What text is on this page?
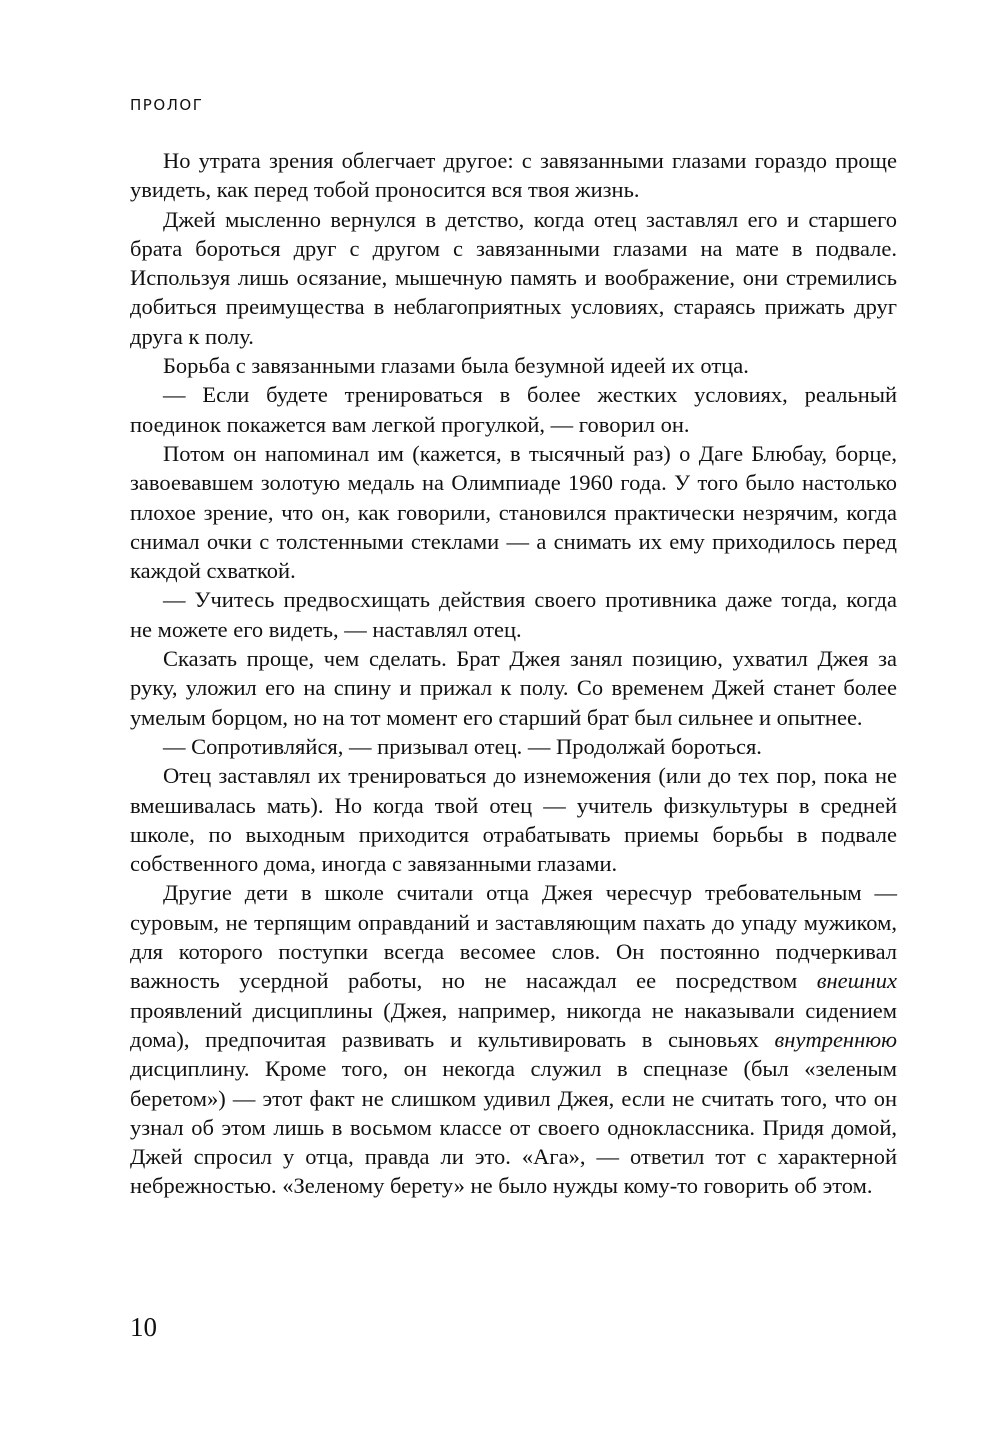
ПРОЛОГ

Но утрата зрения облегчает другое: с завязанными глазами гораздо проще увидеть, как перед тобой проносится вся твоя жизнь.

Джей мысленно вернулся в детство, когда отец заставлял его и старшего брата бороться друг с другом с завязанными глазами на мате в подвале. Используя лишь осязание, мышечную память и воображение, они стремились добиться преимущества в неблагоприятных условиях, стараясь прижать друг друга к полу.

Борьба с завязанными глазами была безумной идеей их отца.

— Если будете тренироваться в более жестких условиях, реальный поединок покажется вам легкой прогулкой, — говорил он.

Потом он напоминал им (кажется, в тысячный раз) о Даге Блюбау, борце, завоевавшем золотую медаль на Олимпиаде 1960 года. У того было настолько плохое зрение, что он, как говорили, становился практически незрячим, когда снимал очки с толстенными стеклами — а снимать их ему приходилось перед каждой схваткой.

— Учитесь предвосхищать действия своего противника даже тогда, когда не можете его видеть, — наставлял отец.

Сказать проще, чем сделать. Брат Джея занял позицию, ухватил Джея за руку, уложил его на спину и прижал к полу. Со временем Джей станет более умелым борцом, но на тот момент его старший брат был сильнее и опытнее.

— Сопротивляйся, — призывал отец. — Продолжай бороться.

Отец заставлял их тренироваться до изнеможения (или до тех пор, пока не вмешивалась мать). Но когда твой отец — учитель физкультуры в средней школе, по выходным приходится отрабатывать приемы борьбы в подвале собственного дома, иногда с завязанными глазами.

Другие дети в школе считали отца Джея чересчур требовательным — суровым, не терпящим оправданий и заставляющим пахать до упаду мужиком, для которого поступки всегда весомее слов. Он постоянно подчеркивал важность усердной работы, но не насаждал ее посредством внешних проявлений дисциплины (Джея, например, никогда не наказывали сидением дома), предпочитая развивать и культивировать в сыновьях внутреннюю дисциплину. Кроме того, он некогда служил в спецназе (был «зеленым беретом») — этот факт не слишком удивил Джея, если не считать того, что он узнал об этом лишь в восьмом классе от своего одноклассника. Придя домой, Джей спросил у отца, правда ли это. «Ага», — ответил тот с характерной небрежностью. «Зеленому берету» не было нужды кому-то говорить об этом.

10
